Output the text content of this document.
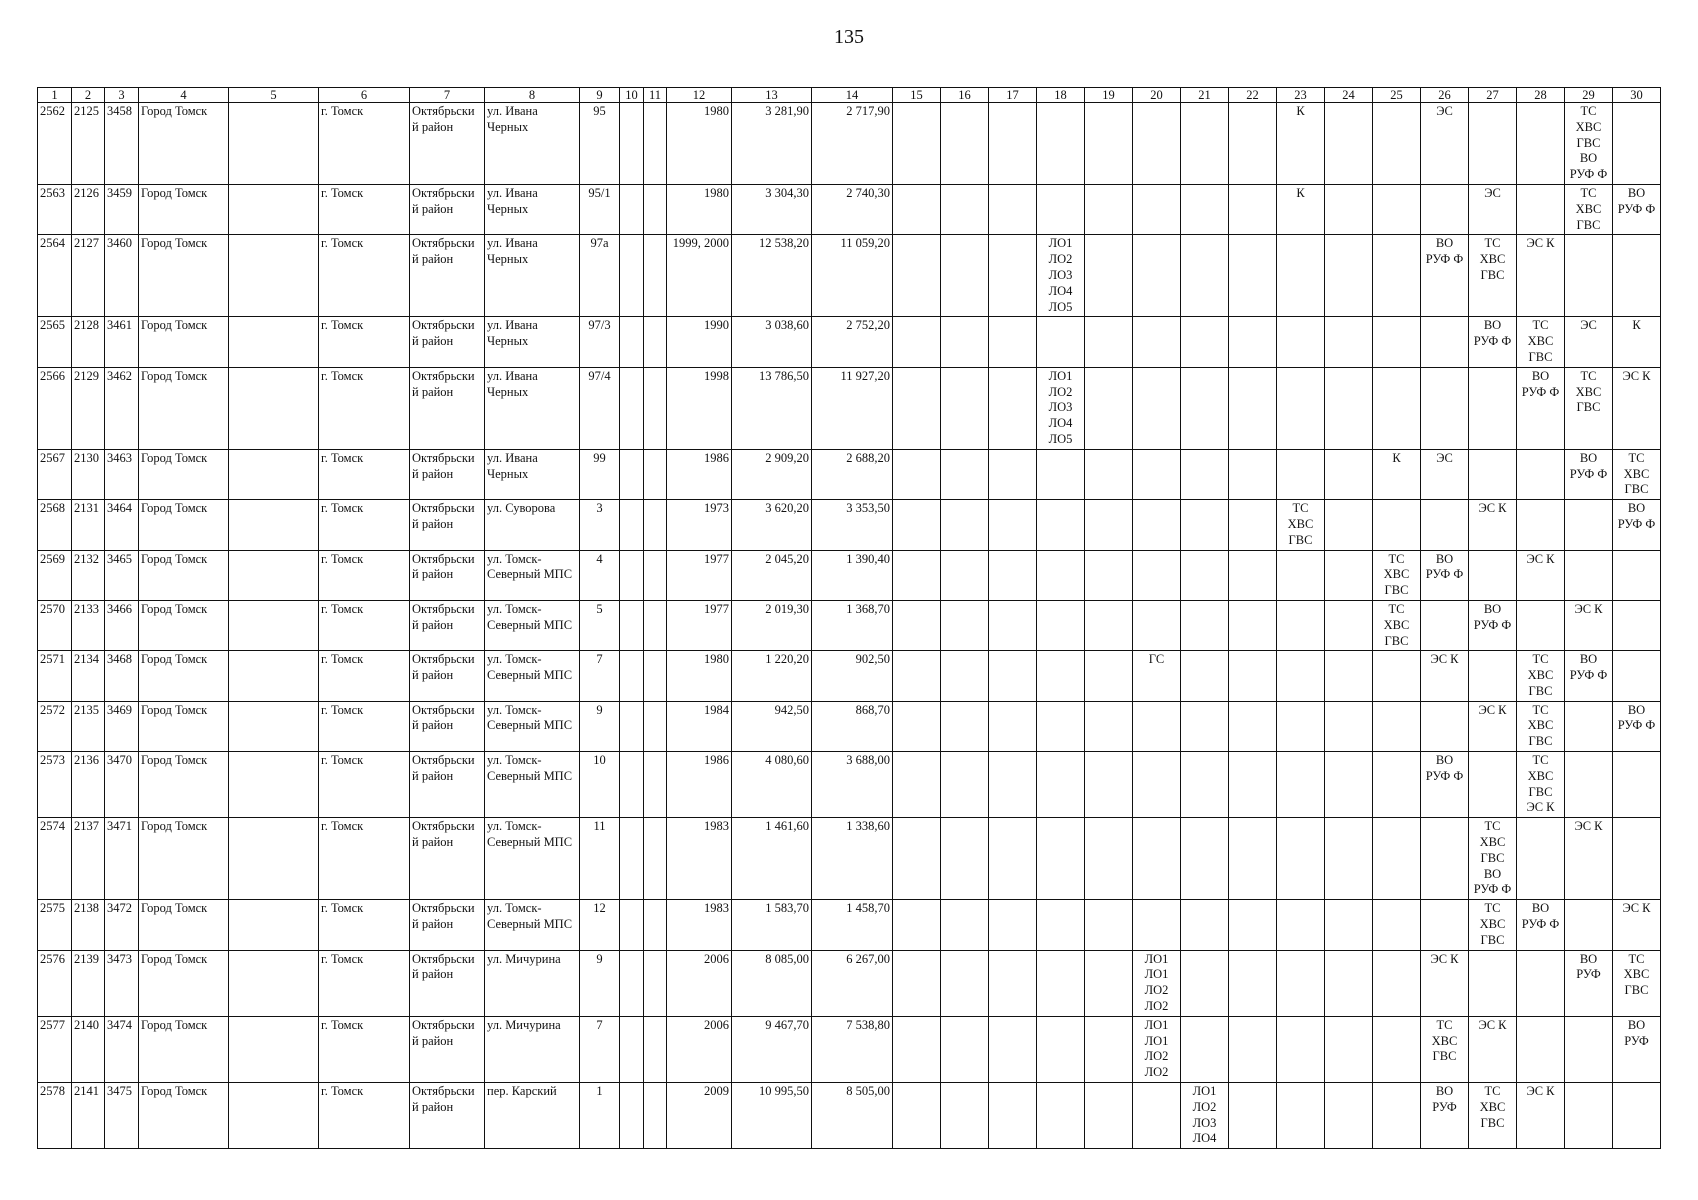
135
1	2	3	4	5	6	7	8	9	10	11	12	13	14	15	16	17	18	19	20	21	22	23	24	25	26	27	28	29	30
2562	2125	3458	Город Томск		г. Томск	Октябрьски
й район	ул. Ивана
Черных	95			1980	3 281,90	2 717,90									К			ЭС			ТС
ХВС
ГВС
ВО
РУФ Ф	
2563	2126	3459	Город Томск		г. Томск	Октябрьски
й район	ул. Ивана
Черных	95/1			1980	3 304,30	2 740,30									К				ЭС		ТС
ХВС
ГВС	ВО
РУФ Ф
2564	2127	3460	Город Томск		г. Томск	Октябрьски
й район	ул. Ивана
Черных	97а			1999, 2000	12 538,20	11 059,20				ЛО1
ЛО2
ЛО3
ЛО4
ЛО5								ВО
РУФ Ф	ТС
ХВС
ГВС	ЭС К		
2565	2128	3461	Город Томск		г. Томск	Октябрьски
й район	ул. Ивана
Черных	97/3			1990	3 038,60	2 752,20													ВО
РУФ Ф	ТС
ХВС
ГВС	ЭС	К
2566	2129	3462	Город Томск		г. Томск	Октябрьски
й район	ул. Ивана
Черных	97/4			1998	13 786,50	11 927,20				ЛО1
ЛО2
ЛО3
ЛО4
ЛО5										ВО
РУФ Ф	ТС
ХВС
ГВС	ЭС К
2567	2130	3463	Город Томск		г. Томск	Октябрьски
й район	ул. Ивана
Черных	99			1986	2 909,20	2 688,20											К	ЭС			ВО
РУФ Ф	ТС
ХВС
ГВС
2568	2131	3464	Город Томск		г. Томск	Октябрьски
й район	ул. Суворова	3			1973	3 620,20	3 353,50									ТС
ХВС
ГВС				ЭС К			ВО
РУФ Ф
2569	2132	3465	Город Томск		г. Томск	Октябрьски
й район	ул. Томск-
Северный МПС	4			1977	2 045,20	1 390,40											ТС
ХВС
ГВС	ВО
РУФ Ф		ЭС К		
2570	2133	3466	Город Томск		г. Томск	Октябрьски
й район	ул. Томск-
Северный МПС	5			1977	2 019,30	1 368,70											ТС
ХВС
ГВС		ВО
РУФ Ф		ЭС К	
2571	2134	3468	Город Томск		г. Томск	Октябрьски
й район	ул. Томск-
Северный МПС	7			1980	1 220,20	902,50						ГС						ЭС К		ТС
ХВС
ГВС	ВО
РУФ Ф	
2572	2135	3469	Город Томск		г. Томск	Октябрьски
й район	ул. Томск-
Северный МПС	9			1984	942,50	868,70													ЭС К	ТС
ХВС
ГВС		ВО
РУФ Ф
2573	2136	3470	Город Томск		г. Томск	Октябрьски
й район	ул. Томск-
Северный МПС	10			1986	4 080,60	3 688,00												ВО
РУФ Ф		ТС
ХВС
ГВС
ЭС К		
2574	2137	3471	Город Томск		г. Томск	Октябрьски
й район	ул. Томск-
Северный МПС	11			1983	1 461,60	1 338,60													ТС
ХВС
ГВС
ВО
РУФ Ф		ЭС К	
2575	2138	3472	Город Томск		г. Томск	Октябрьски
й район	ул. Томск-
Северный МПС	12			1983	1 583,70	1 458,70													ТС
ХВС
ГВС	ВО
РУФ Ф		ЭС К
2576	2139	3473	Город Томск		г. Томск	Октябрьски
й район	ул. Мичурина	9			2006	8 085,00	6 267,00						ЛО1
ЛО1
ЛО2
ЛО2						ЭС К			ВО
РУФ	ТС
ХВС
ГВС
2577	2140	3474	Город Томск		г. Томск	Октябрьски
й район	ул. Мичурина	7			2006	9 467,70	7 538,80						ЛО1
ЛО1
ЛО2
ЛО2						ТС
ХВС
ГВС	ЭС К			ВО
РУФ
2578	2141	3475	Город Томск		г. Томск	Октябрьски
й район	пер. Карский	1			2009	10 995,50	8 505,00							ЛО1
ЛО2
ЛО3
ЛО4					ВО
РУФ	ТС
ХВС
ГВС	ЭС К		
